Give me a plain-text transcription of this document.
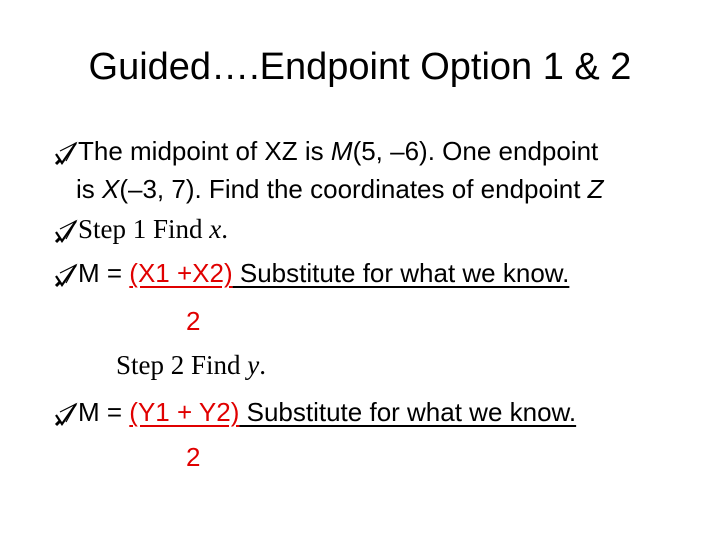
Guided….Endpoint Option 1 & 2
The midpoint of XZ is M(5, –6). One endpoint
is X(–3, 7). Find the coordinates of endpoint Z
Step 1 Find x.
M = (X1 +X2) Substitute for what we know.
2
Step 2 Find y.
M = (Y1 + Y2) Substitute for what we know.
2
